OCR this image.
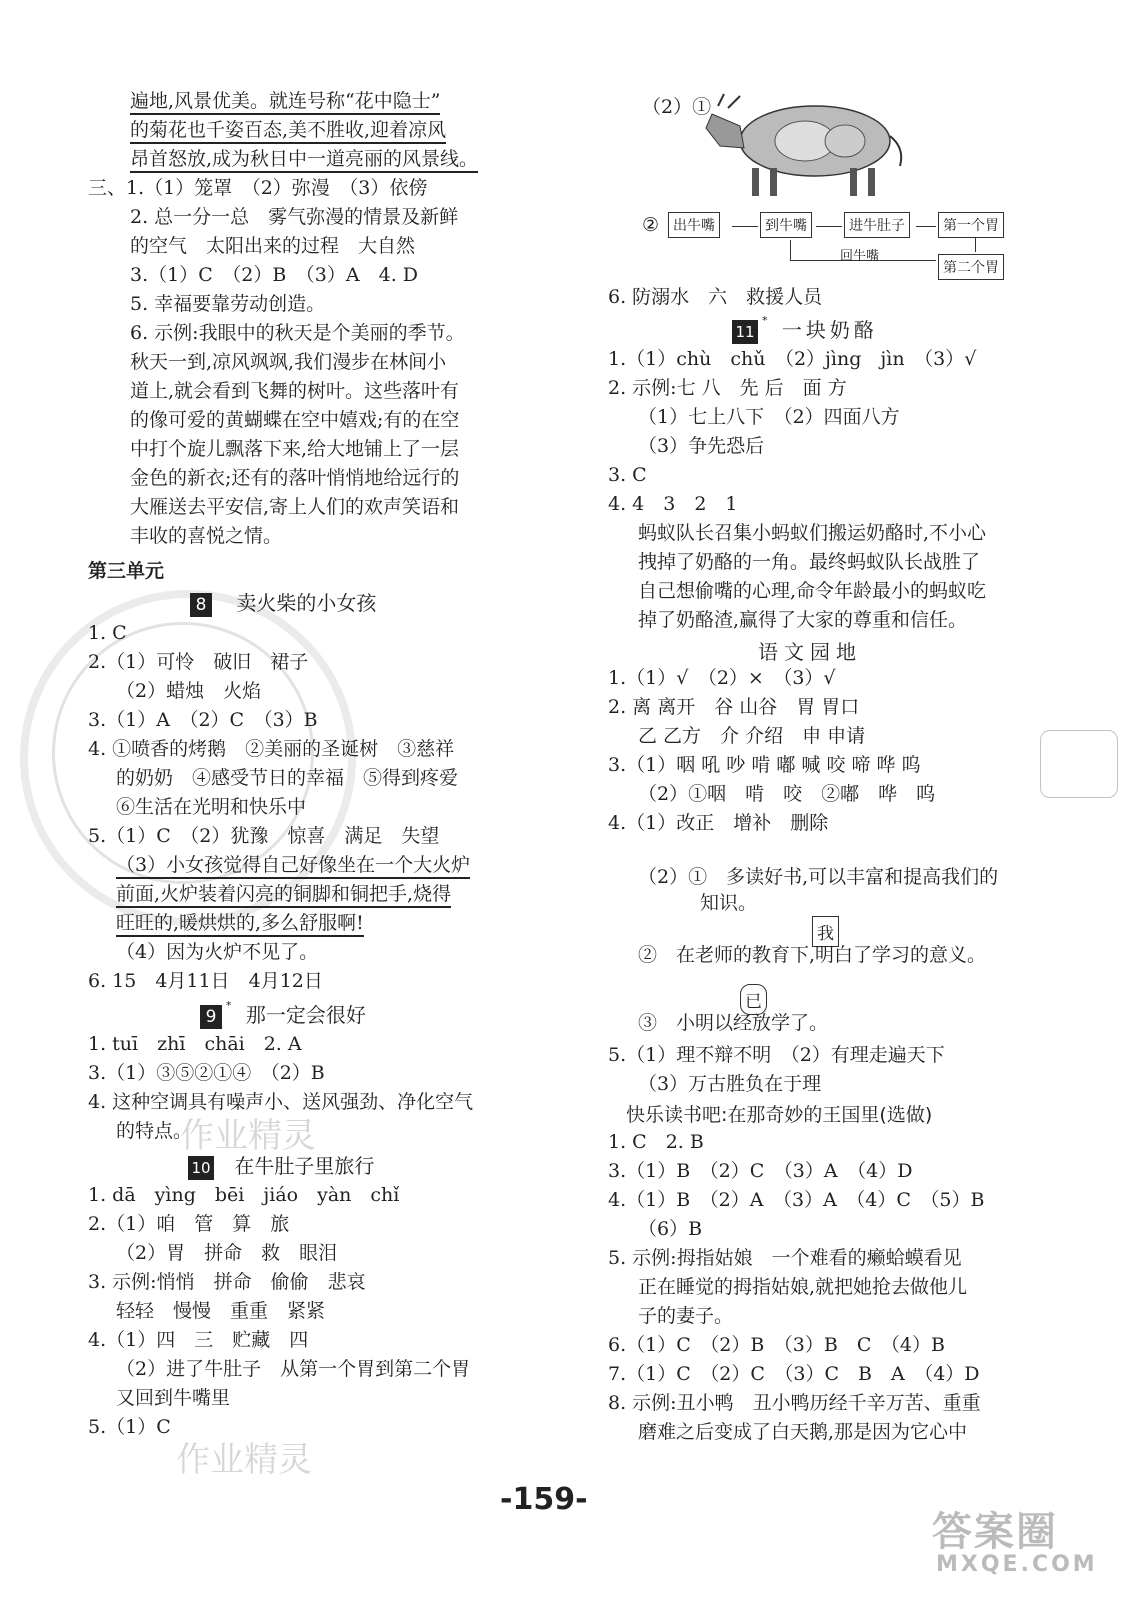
遍地,风景优美。就连号称“花中隐士”
的菊花也千姿百态,美不胜收,迎着凉风
昂首怒放,成为秋日中一道亮丽的风景线。
三、1.（1）笼罩　（2）弥漫　（3）依傍
2. 总一分一总　雾气弥漫的情景及新鲜
的空气　太阳出来的过程　大自然
3.（1）C　（2）B　（3）A　4. D
5. 幸福要靠劳动创造。
6. 示例:我眼中的秋天是个美丽的季节。
秋天一到,凉风飒飒,我们漫步在林间小
道上,就会看到飞舞的树叶。这些落叶有
的像可爱的黄蝴蝶在空中嬉戏;有的在空
中打个旋儿飘落下来,给大地铺上了一层
金色的新衣;还有的落叶悄悄地给远行的
大雁送去平安信,寄上人们的欢声笑语和
丰收的喜悦之情。
第三单元
8 卖火柴的小女孩
1. C
2.（1）可怜　破旧　裙子
（2）蜡烛　火焰
3.（1）A　（2）C　（3）B
4. ①喷香的烤鹅　②美丽的圣诞树　③慈祥
的奶奶　④感受节日的幸福　⑤得到疼爱
⑥生活在光明和快乐中
5.（1）C　（2）犹豫　惊喜　满足　失望
（3）小女孩觉得自己好像坐在一个大火炉
前面,火炉装着闪亮的铜脚和铜把手,烧得
旺旺的,暖烘烘的,多么舒服啊!
（4）因为火炉不见了。
6. 15　4月11日　4月12日
9* 那一定会很好
1. tuī　zhī　chāi　2. A
3.（1）③⑤②①④　（2）B
4. 这种空调具有噪声小、送风强劲、净化空气
的特点。
10 在牛肚子里旅行
1. dā　yìng　bēi　jiáo　yàn　chǐ
2.（1）咱　管　算　旅
（2）胃　拼命　救　眼泪
3. 示例:悄悄　拼命　偷偷　悲哀
轻轻　慢慢　重重　紧紧
4.（1）四　三　贮藏　四
（2）进了牛肚子　从第一个胃到第二个胃
又回到牛嘴里
5.（1）C
（2）①
② 出牛嘴	到牛嘴	进牛肚子	第一个胃
回牛嘴
第二个胃
6. 防溺水　六　救援人员
11* 一块奶酪
1.（1）chù　chǔ　（2）jìng　jìn　（3）√
2. 示例:七 八　先 后　面 方
（1）七上八下　（2）四面八方
（3）争先恐后
3. C
4. 4　3　2　1
蚂蚁队长召集小蚂蚁们搬运奶酪时,不小心
拽掉了奶酪的一角。最终蚂蚁队长战胜了
自己想偷嘴的心理,命令年龄最小的蚂蚁吃
掉了奶酪渣,赢得了大家的尊重和信任。
语文园地
1.（1）√　（2）×　（3）√
2. 离 离开　谷 山谷　胃 胃口
乙 乙方　介 介绍　申 申请
3.（1）咽 吼 吵 啃 嘟 喊 咬 啼 哗 呜
（2）①咽　啃　咬　②嘟　哗　呜
4.（1）改正　增补　删除
（2）①　多读好书,可以丰富和提高我们的
知识。
我
②　在老师的教育下,明白了学习的意义。
已
③　小明以经放学了。
5.（1）理不辩不明　（2）有理走遍天下
（3）万古胜负在于理
快乐读书吧:在那奇妙的王国里(选做)
1. C　2. B
3.（1）B　（2）C　（3）A　（4）D
4.（1）B　（2）A　（3）A　（4）C　（5）B
（6）B
5. 示例:拇指姑娘　一个难看的癞蛤蟆看见
正在睡觉的拇指姑娘,就把她抢去做他儿
子的妻子。
6.（1）C　（2）B　（3）B　C　（4）B
7.（1）C　（2）C　（3）C　B　A　（4）D
8. 示例:丑小鸭　丑小鸭历经千辛万苦、重重
磨难之后变成了白天鹅,那是因为它心中
作业精灵
作业精灵
-159-
答案圈
MXQE.COM
